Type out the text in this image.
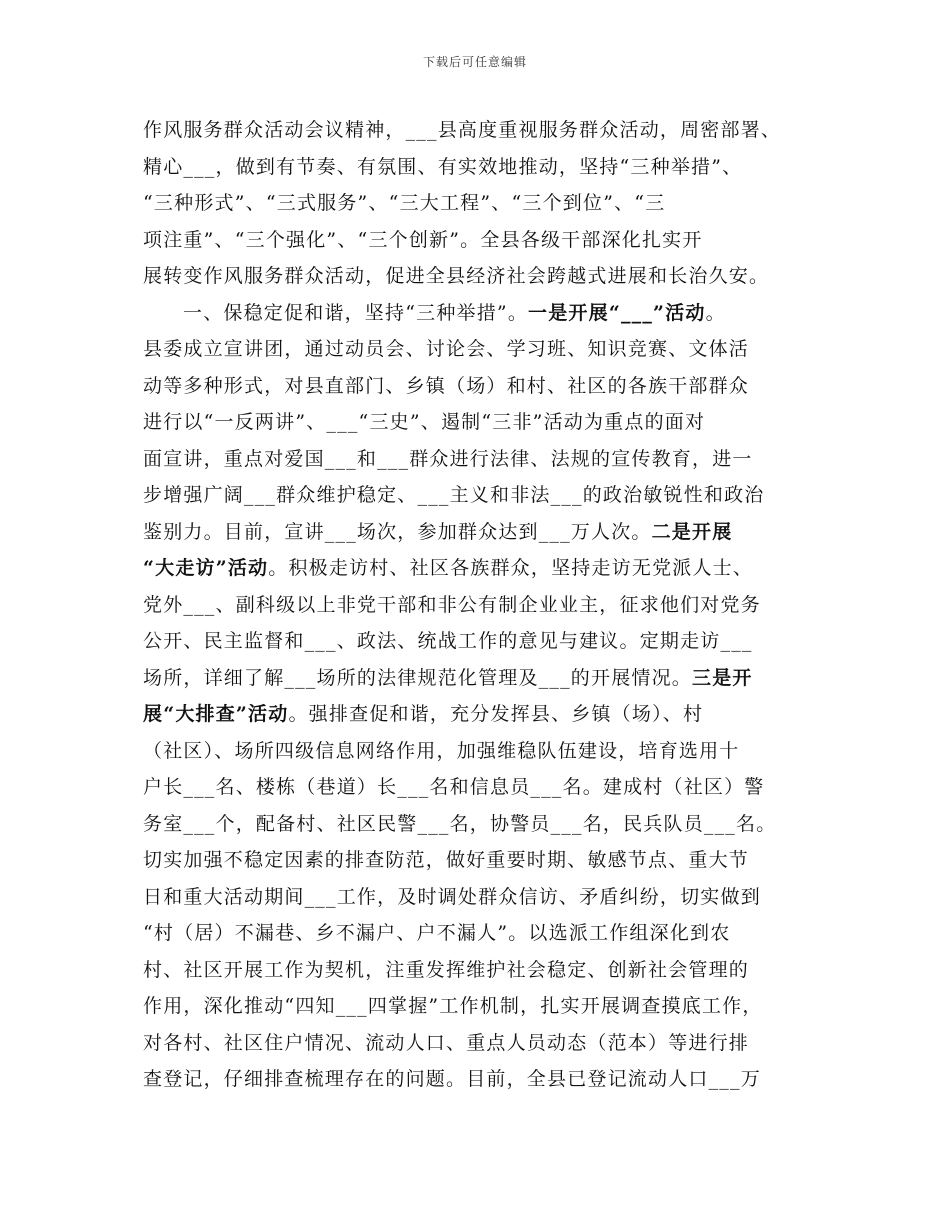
下载后可任意编辑
作风服务群众活动会议精神，___县高度重视服务群众活动，周密部署、
精心___，做到有节奏、有氛围、有实效地推动，坚持“三种举措”、
“三种形式”、“三式服务”、“三大工程”、“三个到位”、“三
项注重”、“三个强化”、“三个创新”。全县各级干部深化扎实开
展转变作风服务群众活动，促进全县经济社会跨越式进展和长治久安。
一、保稳定促和谐，坚持“三种举措”。一是开展“___”活动。
县委成立宣讲团，通过动员会、讨论会、学习班、知识竞赛、文体活
动等多种形式，对县直部门、乡镇（场）和村、社区的各族干部群众
进行以“一反两讲”、___“三史”、遏制“三非”活动为重点的面对
面宣讲，重点对爱国___和___群众进行法律、法规的宣传教育，进一
步增强广阔___群众维护稳定、___主义和非法___的政治敏锐性和政治
鉴别力。目前，宣讲___场次，参加群众达到___万人次。二是开展
“大走访”活动。积极走访村、社区各族群众，坚持走访无党派人士、
党外___、副科级以上非党干部和非公有制企业业主，征求他们对党务
公开、民主监督和___、政法、统战工作的意见与建议。定期走访___
场所，详细了解___场所的法律规范化管理及___的开展情况。三是开
展“大排查”活动。强排查促和谐，充分发挥县、乡镇（场）、村
（社区）、场所四级信息网络作用，加强维稳队伍建设，培育选用十
户长___名、楼栋（巷道）长___名和信息员___名。建成村（社区）警
务室___个，配备村、社区民警___名，协警员___名，民兵队员___名。
切实加强不稳定因素的排查防范，做好重要时期、敏感节点、重大节
日和重大活动期间___工作，及时调处群众信访、矛盾纠纷，切实做到
“村（居）不漏巷、乡不漏户、户不漏人”。以选派工作组深化到农
村、社区开展工作为契机，注重发挥维护社会稳定、创新社会管理的
作用，深化推动“四知___四掌握”工作机制，扎实开展调查摸底工作，
对各村、社区住户情况、流动人口、重点人员动态（范本）等进行排
查登记，仔细排查梳理存在的问题。目前，全县已登记流动人口___万
